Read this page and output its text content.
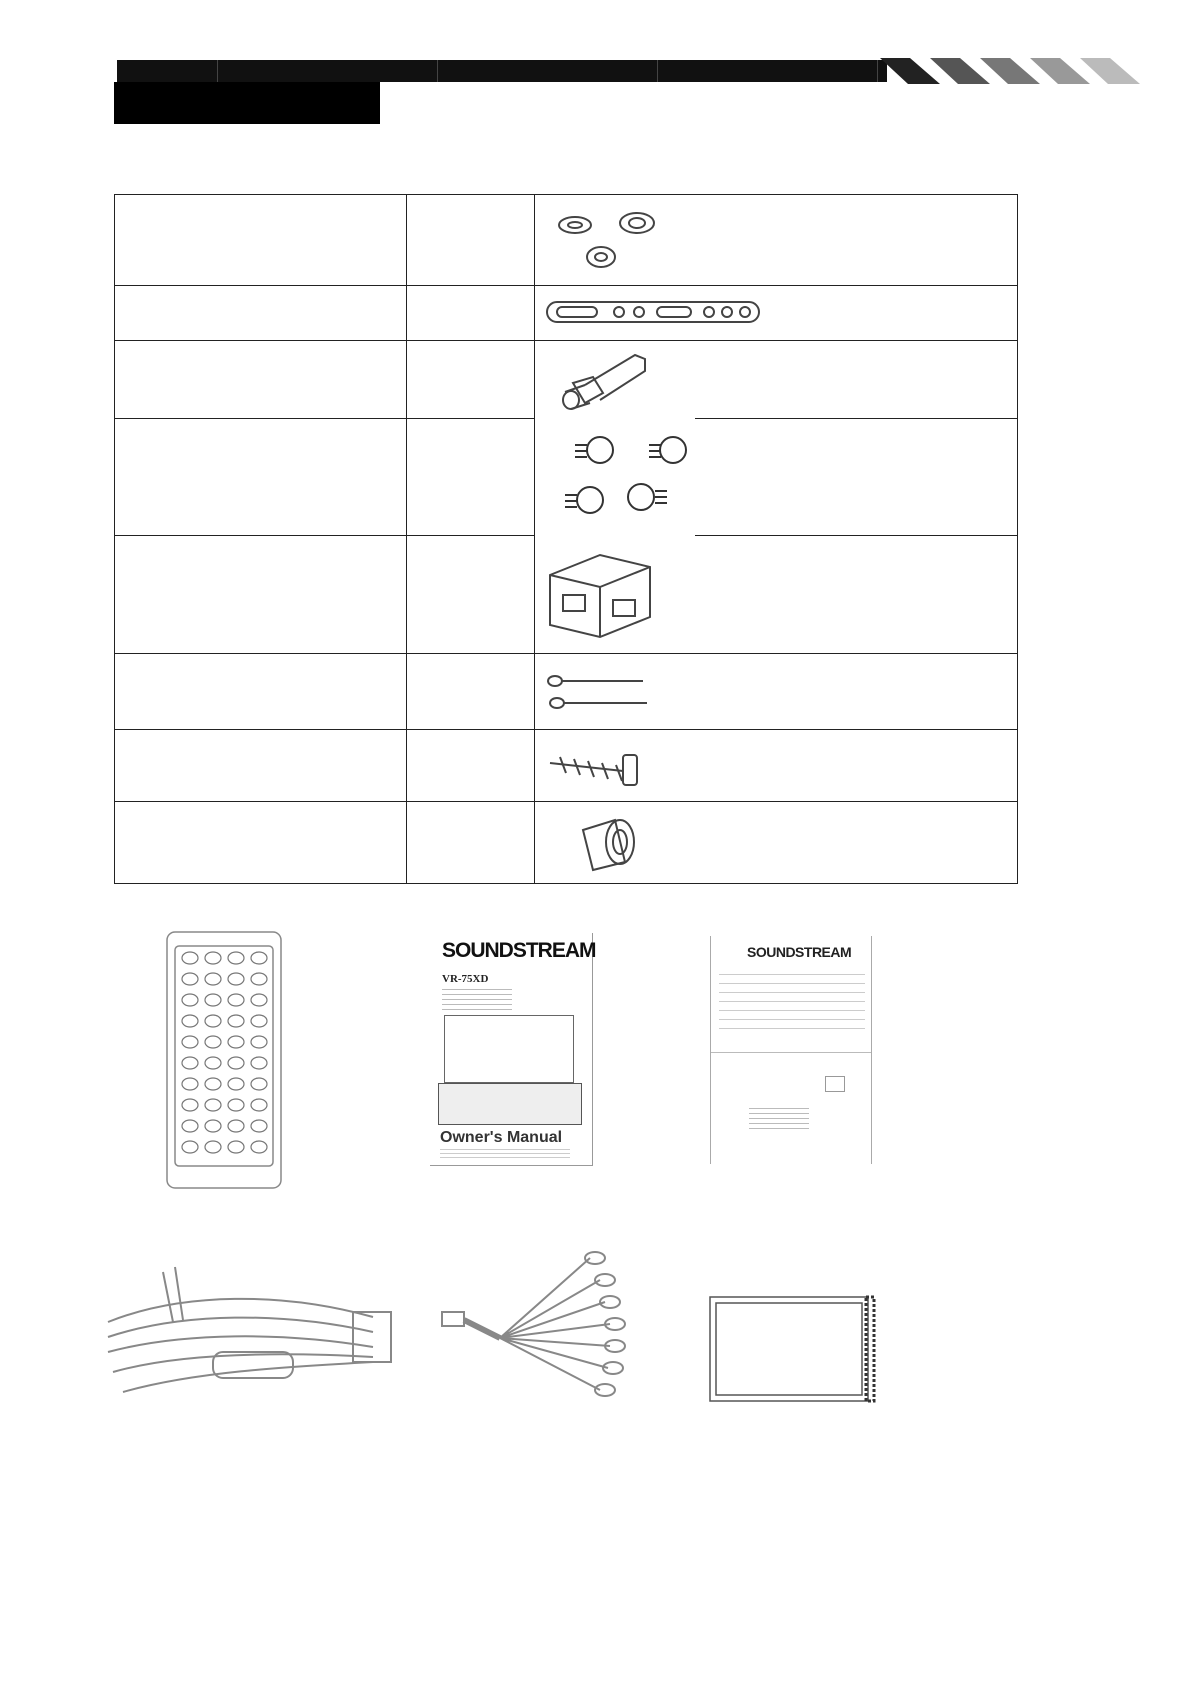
SOUNDSTREAM
VR-75XD
Owner's Manual
SOUNDSTREAM
